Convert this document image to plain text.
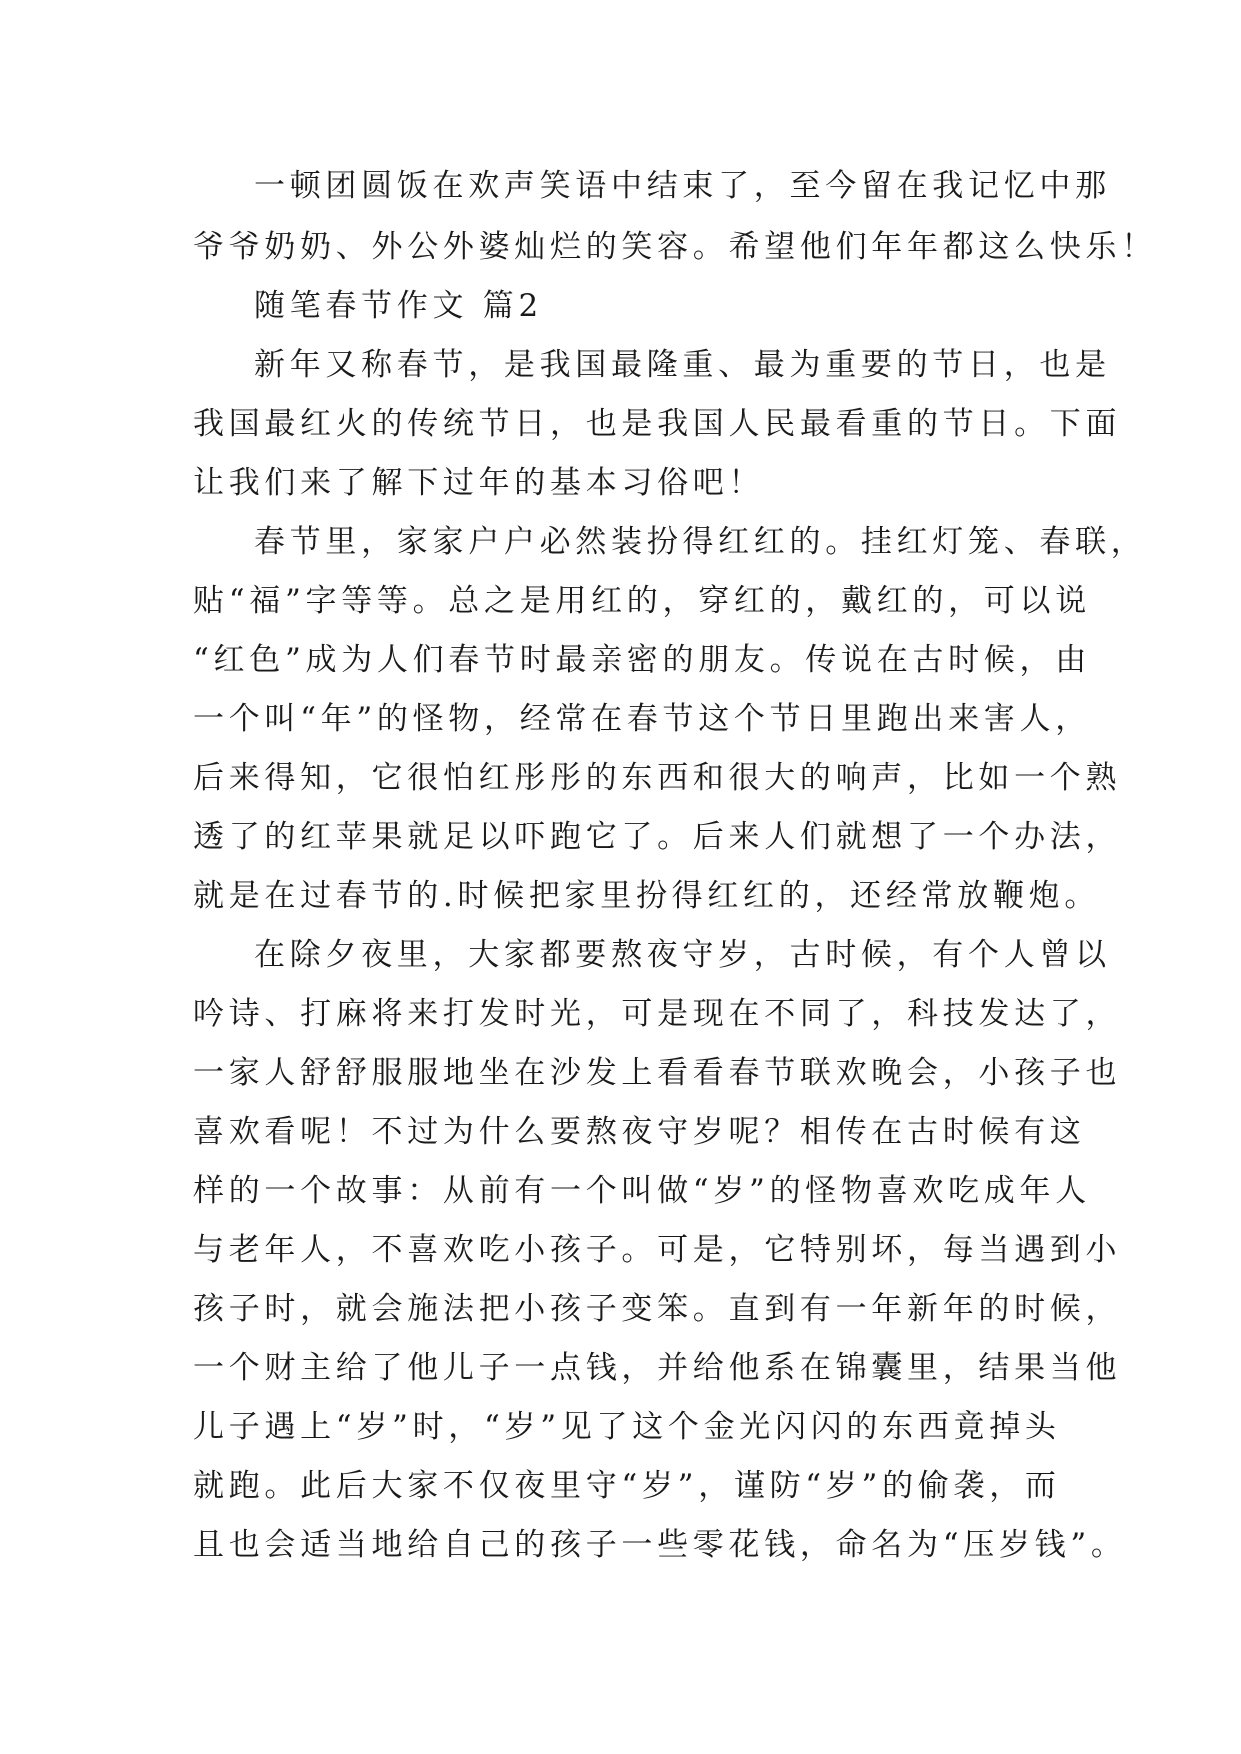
一顿团圆饭在欢声笑语中结束了，至今留在我记忆中那
爷爷奶奶、外公外婆灿烂的笑容。希望他们年年都这么快乐！
随笔春节作文 篇2
新年又称春节，是我国最隆重、最为重要的节日，也是
我国最红火的传统节日，也是我国人民最看重的节日。下面
让我们来了解下过年的基本习俗吧！
春节里，家家户户必然装扮得红红的。挂红灯笼、春联，
贴“福”字等等。总之是用红的，穿红的，戴红的，可以说
“红色”成为人们春节时最亲密的朋友。传说在古时候，由
一个叫“年”的怪物，经常在春节这个节日里跑出来害人，
后来得知，它很怕红彤彤的东西和很大的响声，比如一个熟
透了的红苹果就足以吓跑它了。后来人们就想了一个办法，
就是在过春节的.时候把家里扮得红红的，还经常放鞭炮。
在除夕夜里，大家都要熬夜守岁，古时候，有个人曾以
吟诗、打麻将来打发时光，可是现在不同了，科技发达了，
一家人舒舒服服地坐在沙发上看看春节联欢晚会，小孩子也
喜欢看呢！不过为什么要熬夜守岁呢？相传在古时候有这
样的一个故事：从前有一个叫做“岁”的怪物喜欢吃成年人
与老年人，不喜欢吃小孩子。可是，它特别坏，每当遇到小
孩子时，就会施法把小孩子变笨。直到有一年新年的时候，
一个财主给了他儿子一点钱，并给他系在锦囊里，结果当他
儿子遇上“岁”时，“岁”见了这个金光闪闪的东西竟掉头
就跑。此后大家不仅夜里守“岁”，谨防“岁”的偷袭，而
且也会适当地给自己的孩子一些零花钱，命名为“压岁钱”。
